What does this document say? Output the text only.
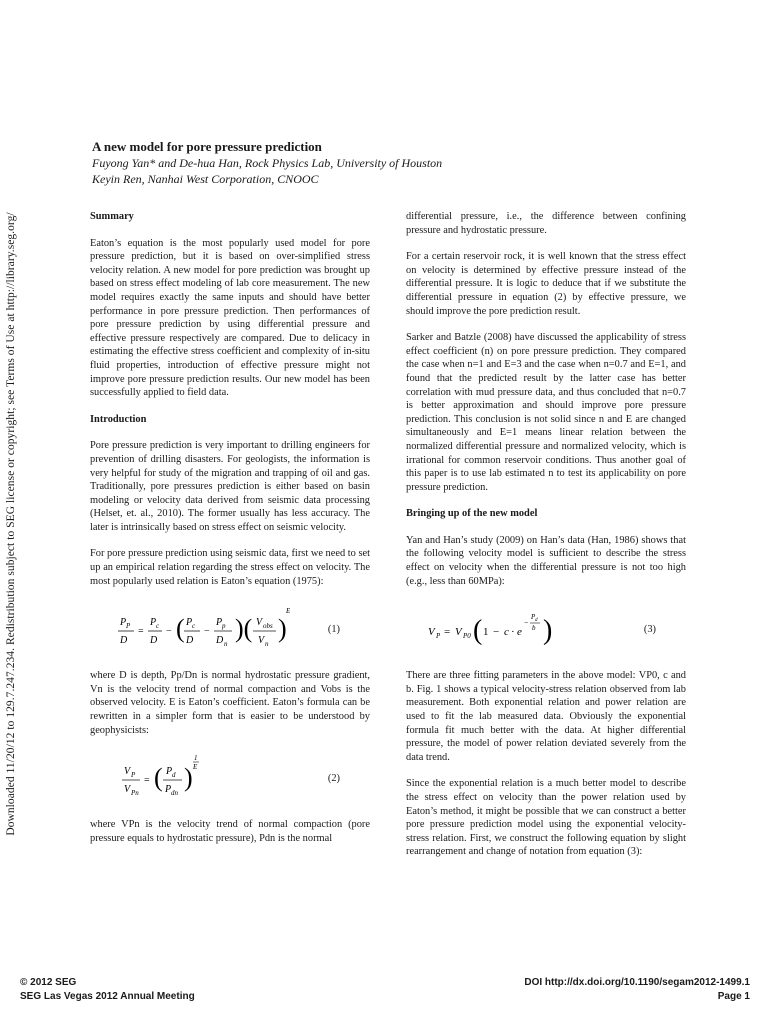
Downloaded 11/20/12 to 129.7.247.234. Redistribution subject to SEG license or copyright; see Terms of Use at http://library.seg.org/
A new model for pore pressure prediction
Fuyong Yan* and De-hua Han, Rock Physics Lab, University of Houston
Keyin Ren, Nanhai West Corporation, CNOOC
Summary
Eaton’s equation is the most popularly used model for pore pressure prediction, but it is based on over-simplified stress velocity relation. A new model for pore prediction was brought up based on stress effect modeling of lab core measurement. The new model requires exactly the same inputs and should have better performance in pore pressure prediction. Then performances of pore pressure prediction by using differential pressure and effective pressure respectively are compared. Due to delicacy in estimating the effective stress coefficient and complexity of in-situ fluid properties, introduction of effective pressure might not improve pore pressure prediction results. Our new model has been successfully applied to field data.
Introduction
Pore pressure prediction is very important to drilling engineers for prevention of drilling disasters. For geologists, the information is very helpful for study of the migration and trapping of oil and gas. Traditionally, pore pressures prediction is either based on basin modeling or velocity data derived from seismic data processing (Helset, et. al., 2010). The former usually has less accuracy. The later is intrinsically based on stress effect on seismic velocity.
For pore pressure prediction using seismic data, first we need to set up an empirical relation regarding the stress effect on velocity. The most popularly used relation is Eaton’s equation (1975):
P P
D
=
P c
D
− ( P c
D
−
P p
D n
)( V obs
V n
)
E
(1)
where D is depth, Pp/Dn is normal hydrostatic pressure gradient, Vn is the velocity trend of normal compaction and Vobs is the observed velocity. E is Eaton’s coefficient. Eaton’s formula can be rewritten in a simpler form that is easier to be understood by geophysicists:
V P
V Pn
= ( P d
P dn
)
1
E
(2)
where VPn is the velocity trend of normal compaction (pore pressure equals to hydrostatic pressure), Pdn is the normal
differential pressure, i.e., the difference between confining pressure and hydrostatic pressure.
For a certain reservoir rock, it is well known that the stress effect on velocity is determined by effective pressure instead of the differential pressure. It is logic to deduce that if we substitute the differential pressure in equation (2) by effective pressure, we should improve the pore prediction result.
Sarker and Batzle (2008) have discussed the applicability of stress effect coefficient (n) on pore pressure prediction. They compared the case when n=1 and E=3 and the case when n=0.7 and E=1, and found that the predicted result by the latter case has better correlation with mud pressure data, and thus concluded that n=0.7 is better approximation and should improve pore pressure prediction. This conclusion is not solid since n and E are changed simultaneously and E=1 means linear relation between the normalized differential pressure and normalized velocity, which is irrational for common reservoir conditions. Thus another goal of this paper is to use lab estimated n to test its applicability on pore pressure prediction.
Bringing up of the new model
Yan and Han’s study (2009) on Han’s data (Han, 1986) shows that the following velocity model is sufficient to describe the stress effect on velocity when the differential pressure is not too high (e.g., less than 60MPa):
V P = V P0 ( 1 − c · e
−
P d
b )	(3)
There are three fitting parameters in the above model: VP0, c and b. Fig. 1 shows a typical velocity-stress relation observed from lab measurement. Both exponential relation and power relation are used to fit the lab measured data. Obviously the exponential formula fit much better with the data. At higher differential pressure, the model of power relation deviated severely from the data trend.
Since the exponential relation is a much better model to describe the stress effect on velocity than the power relation used by Eaton’s method, it might be possible that we can construct a better pore pressure prediction model using the exponential velocity-stress relation. First, we construct the following equation by slight rearrangement and change of notation from equation (3):
© 2012 SEG	DOI http://dx.doi.org/10.1190/segam2012-1499.1
SEG Las Vegas 2012 Annual Meeting	Page 1
